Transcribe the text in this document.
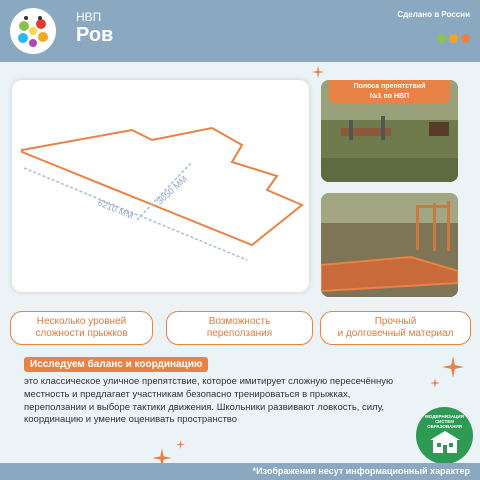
НВП
Ров
Сделано в России
3050 ММ
6210 ММ
Полоса препятствий
№1 по НВП
Несколько уровней
сложности прыжков
Возможность
переползания
Прочный
и долговечный материал
Исследуем баланс и координацию
это классическое уличное препятствие, которое имитирует сложную пересечённую местность и предлагает участникам безопасно тренироваться в прыжках, переползании и выборе тактики движения. Школьники развивают ловкость, силу, координацию и умение оценивать пространство	МОДЕРНИЗАЦИЯ
СИСТЕМ
ОБРАЗОВАНИЯ
*Изображения несут информационный характер
